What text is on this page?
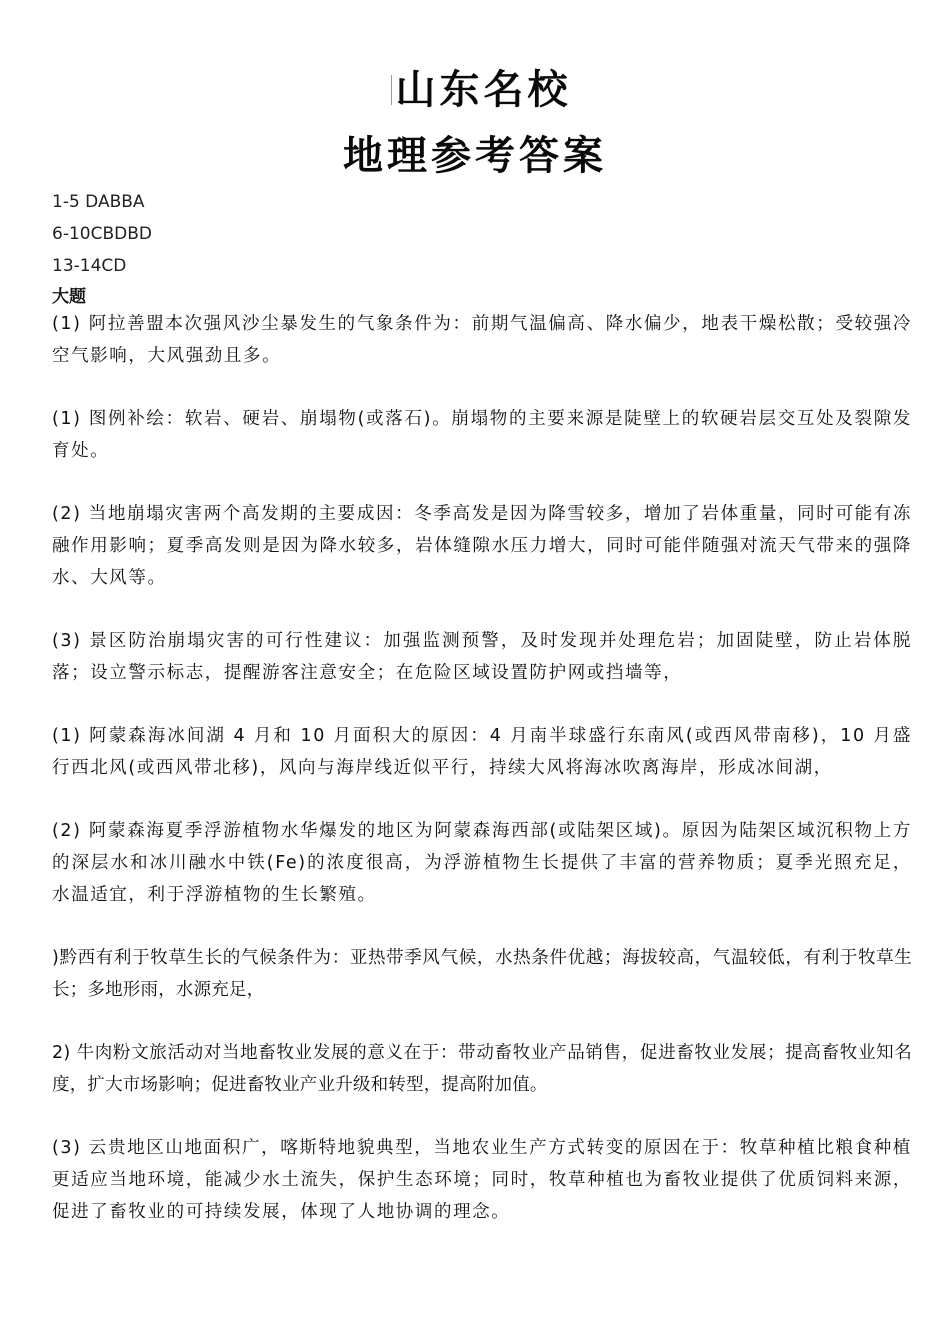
山东名校
地理参考答案
1-5 DABBA
6-10CBDBD
13-14CD
大题

(1) 阿拉善盟本次强风沙尘暴发生的气象条件为：前期气温偏高、降水偏少，地表干燥松散；受较强冷空气影响，大风强劲且多。

(1) 图例补绘：软岩、硬岩、崩塌物(或落石)。崩塌物的主要来源是陡壁上的软硬岩层交互处及裂隙发育处。

(2) 当地崩塌灾害两个高发期的主要成因：冬季高发是因为降雪较多，增加了岩体重量，同时可能有冻融作用影响；夏季高发则是因为降水较多，岩体缝隙水压力增大，同时可能伴随强对流天气带来的强降水、大风等。

(3) 景区防治崩塌灾害的可行性建议：加强监测预警，及时发现并处理危岩；加固陡壁，防止岩体脱落；设立警示标志，提醒游客注意安全；在危险区域设置防护网或挡墙等，

(1) 阿蒙森海冰间湖 4 月和 10 月面积大的原因：4 月南半球盛行东南风(或西风带南移)，10 月盛行西北风(或西风带北移)，风向与海岸线近似平行，持续大风将海冰吹离海岸，形成冰间湖，

(2) 阿蒙森海夏季浮游植物水华爆发的地区为阿蒙森海西部(或陆架区域)。原因为陆架区域沉积物上方的深层水和冰川融水中铁(Fe)的浓度很高，为浮游植物生长提供了丰富的营养物质；夏季光照充足，水温适宜，利于浮游植物的生长繁殖。

)黔西有利于牧草生长的气候条件为：亚热带季风气候，水热条件优越；海拔较高，气温较低，有利于牧草生长；多地形雨，水源充足，

2) 牛肉粉文旅活动对当地畜牧业发展的意义在于：带动畜牧业产品销售，促进畜牧业发展；提高畜牧业知名度，扩大市场影响；促进畜牧业产业升级和转型，提高附加值。

(3) 云贵地区山地面积广，喀斯特地貌典型，当地农业生产方式转变的原因在于：牧草种植比粮食种植更适应当地环境，能减少水土流失，保护生态环境；同时，牧草种植也为畜牧业提供了优质饲料来源，促进了畜牧业的可持续发展，体现了人地协调的理念。
